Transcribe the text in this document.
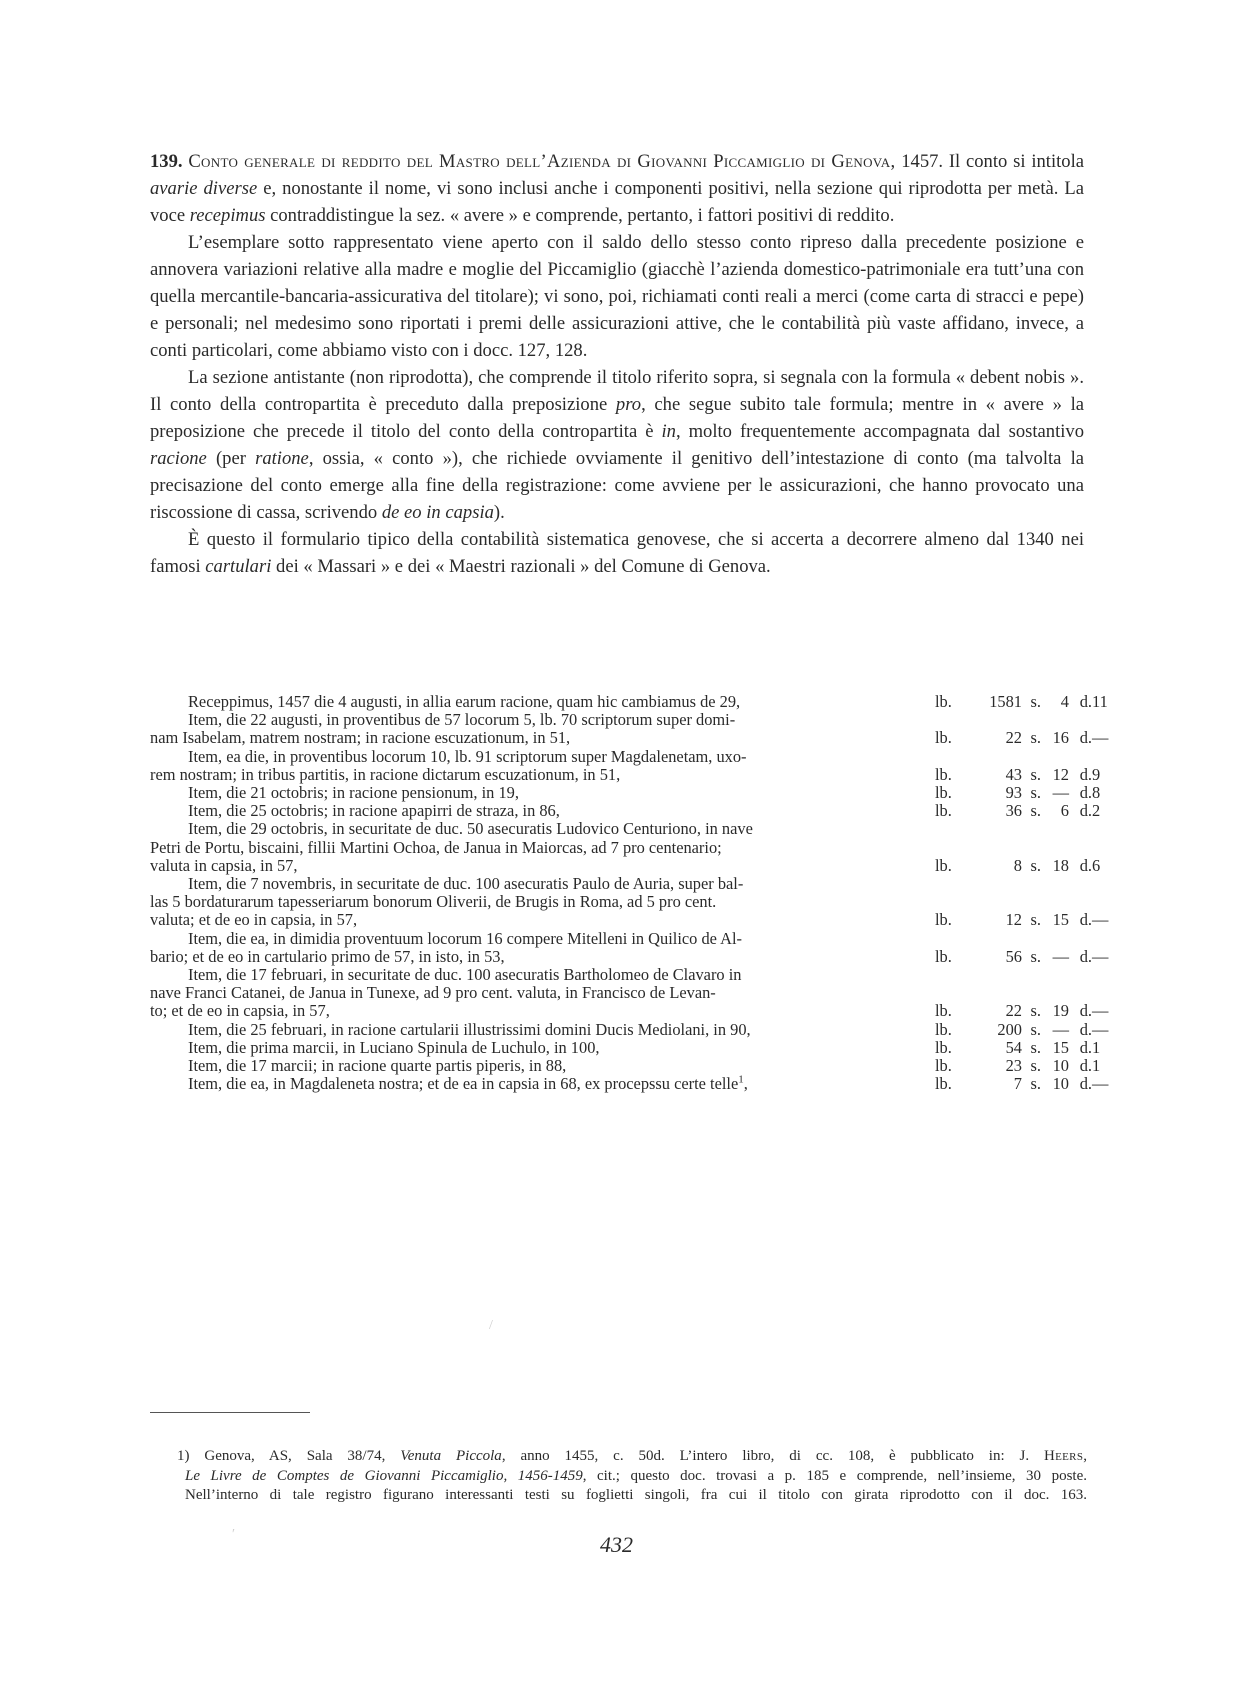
139. Conto generale di reddito del Mastro dell’Azienda di Giovanni Piccamiglio di Genova, 1457. Il conto si intitola avarie diverse e, nonostante il nome, vi sono inclusi anche i componenti positivi, nella sezione qui riprodotta per metà. La voce recepimus contraddistingue la sez. « avere » e comprende, pertanto, i fattori positivi di reddito.

L’esemplare sotto rappresentato viene aperto con il saldo dello stesso conto ripreso dalla precedente posizione e annovera variazioni relative alla madre e moglie del Piccamiglio (giacchè l’azienda domestico-patrimoniale era tutt’una con quella mercantile-bancaria-assicurativa del titolare); vi sono, poi, richiamati conti reali a merci (come carta di stracci e pepe) e personali; nel medesimo sono riportati i premi delle assicurazioni attive, che le contabilità più vaste affidano, invece, a conti particolari, come abbiamo visto con i docc. 127, 128.

La sezione antistante (non riprodotta), che comprende il titolo riferito sopra, si segnala con la formula « debent nobis ». Il conto della contropartita è preceduto dalla preposizione pro, che segue subito tale formula; mentre in « avere » la preposizione che precede il titolo del conto della contropartita è in, molto frequentemente accompagnata dal sostantivo racione (per ratione, ossia, « conto »), che richiede ovviamente il genitivo dell’intestazione di conto (ma talvolta la precisazione del conto emerge alla fine della registrazione: come avviene per le assicurazioni, che hanno provocato una riscossione di cassa, scrivendo de eo in capsia).

È questo il formulario tipico della contabilità sistematica genovese, che si accerta a decorrere almeno dal 1340 nei famosi cartulari dei « Massari » e dei « Maestri razionali » del Comune di Genova.

Receppimus, 1457 die 4 augusti, in allia earum racione, quam hic cambiamus de 29,	lb.	1581 s.	4 d. 11
Item, die 22 augusti, in proventibus de 57 locorum 5, lb. 70 scriptorum super domi-
nam Isabelam, matrem nostram; in racione escuzationum, in 51,	lb.	22 s. 16 d. —
Item, ea die, in proventibus locorum 10, lb. 91 scriptorum super Magdalenetam, uxo-
rem nostram; in tribus partitis, in racione dictarum escuzationum, in 51,	lb.	43 s. 12 d. 9
Item, die 21 octobris; in racione pensionum, in 19,	lb.	93 s. — d. 8
Item, die 25 octobris; in racione apapirri de straza, in 86,	lb.	36 s.	6 d. 2
Item, die 29 octobris, in securitate de duc. 50 asecuratis Ludovico Centuriono, in nave
Petri de Portu, biscaini, fillii Martini Ochoa, de Janua in Maiorcas, ad 7 pro centenario;
valuta in capsia, in 57,	lb.	8 s. 18 d. 6
Item, die 7 novembris, in securitate de duc. 100 asecuratis Paulo de Auria, super bal-
las 5 bordaturarum tapesseriarum bonorum Oliverii, de Brugis in Roma, ad 5 pro cent.
valuta; et de eo in capsia, in 57,	lb.	12 s. 15 d. —
Item, die ea, in dimidia proventuum locorum 16 compere Mitelleni in Quilico de Al-
bario; et de eo in cartulario primo de 57, in isto, in 53,	lb.	56 s. — d. —
Item, die 17 februari, in securitate de duc. 100 asecuratis Bartholomeo de Clavaro in
nave Franci Catanei, de Janua in Tunexe, ad 9 pro cent. valuta, in Francisco de Levan-
to; et de eo in capsia, in 57,	lb.	22 s. 19 d. —
Item, die 25 februari, in racione cartularii illustrissimi domini Ducis Mediolani, in 90,	lb.	200 s. — d. —
Item, die prima marcii, in Luciano Spinula de Luchulo, in 100,	lb.	54 s. 15 d. 1
Item, die 17 marcii; in racione quarte partis piperis, in 88,	lb.	23 s. 10 d. 1
Item, die ea, in Magdaleneta nostra; et de ea in capsia in 68, ex procepssu certe telle$^1$,	lb.	7 s. 10 d. —
1) Genova, AS, Sala 38/74, Venuta Piccola, anno 1455, c. 50d. L’intero libro, di cc. 108, è pubblicato in: J. Heers,
Le Livre de Comptes de Giovanni Piccamiglio, 1456-1459, cit.; questo doc. trovasi a p. 185 e comprende, nell’insieme, 30 poste.
Nell’interno di tale registro figurano interessanti testi su foglietti singoli, fra cui il titolo con girata riprodotto con il doc. 163.
432
/
′
